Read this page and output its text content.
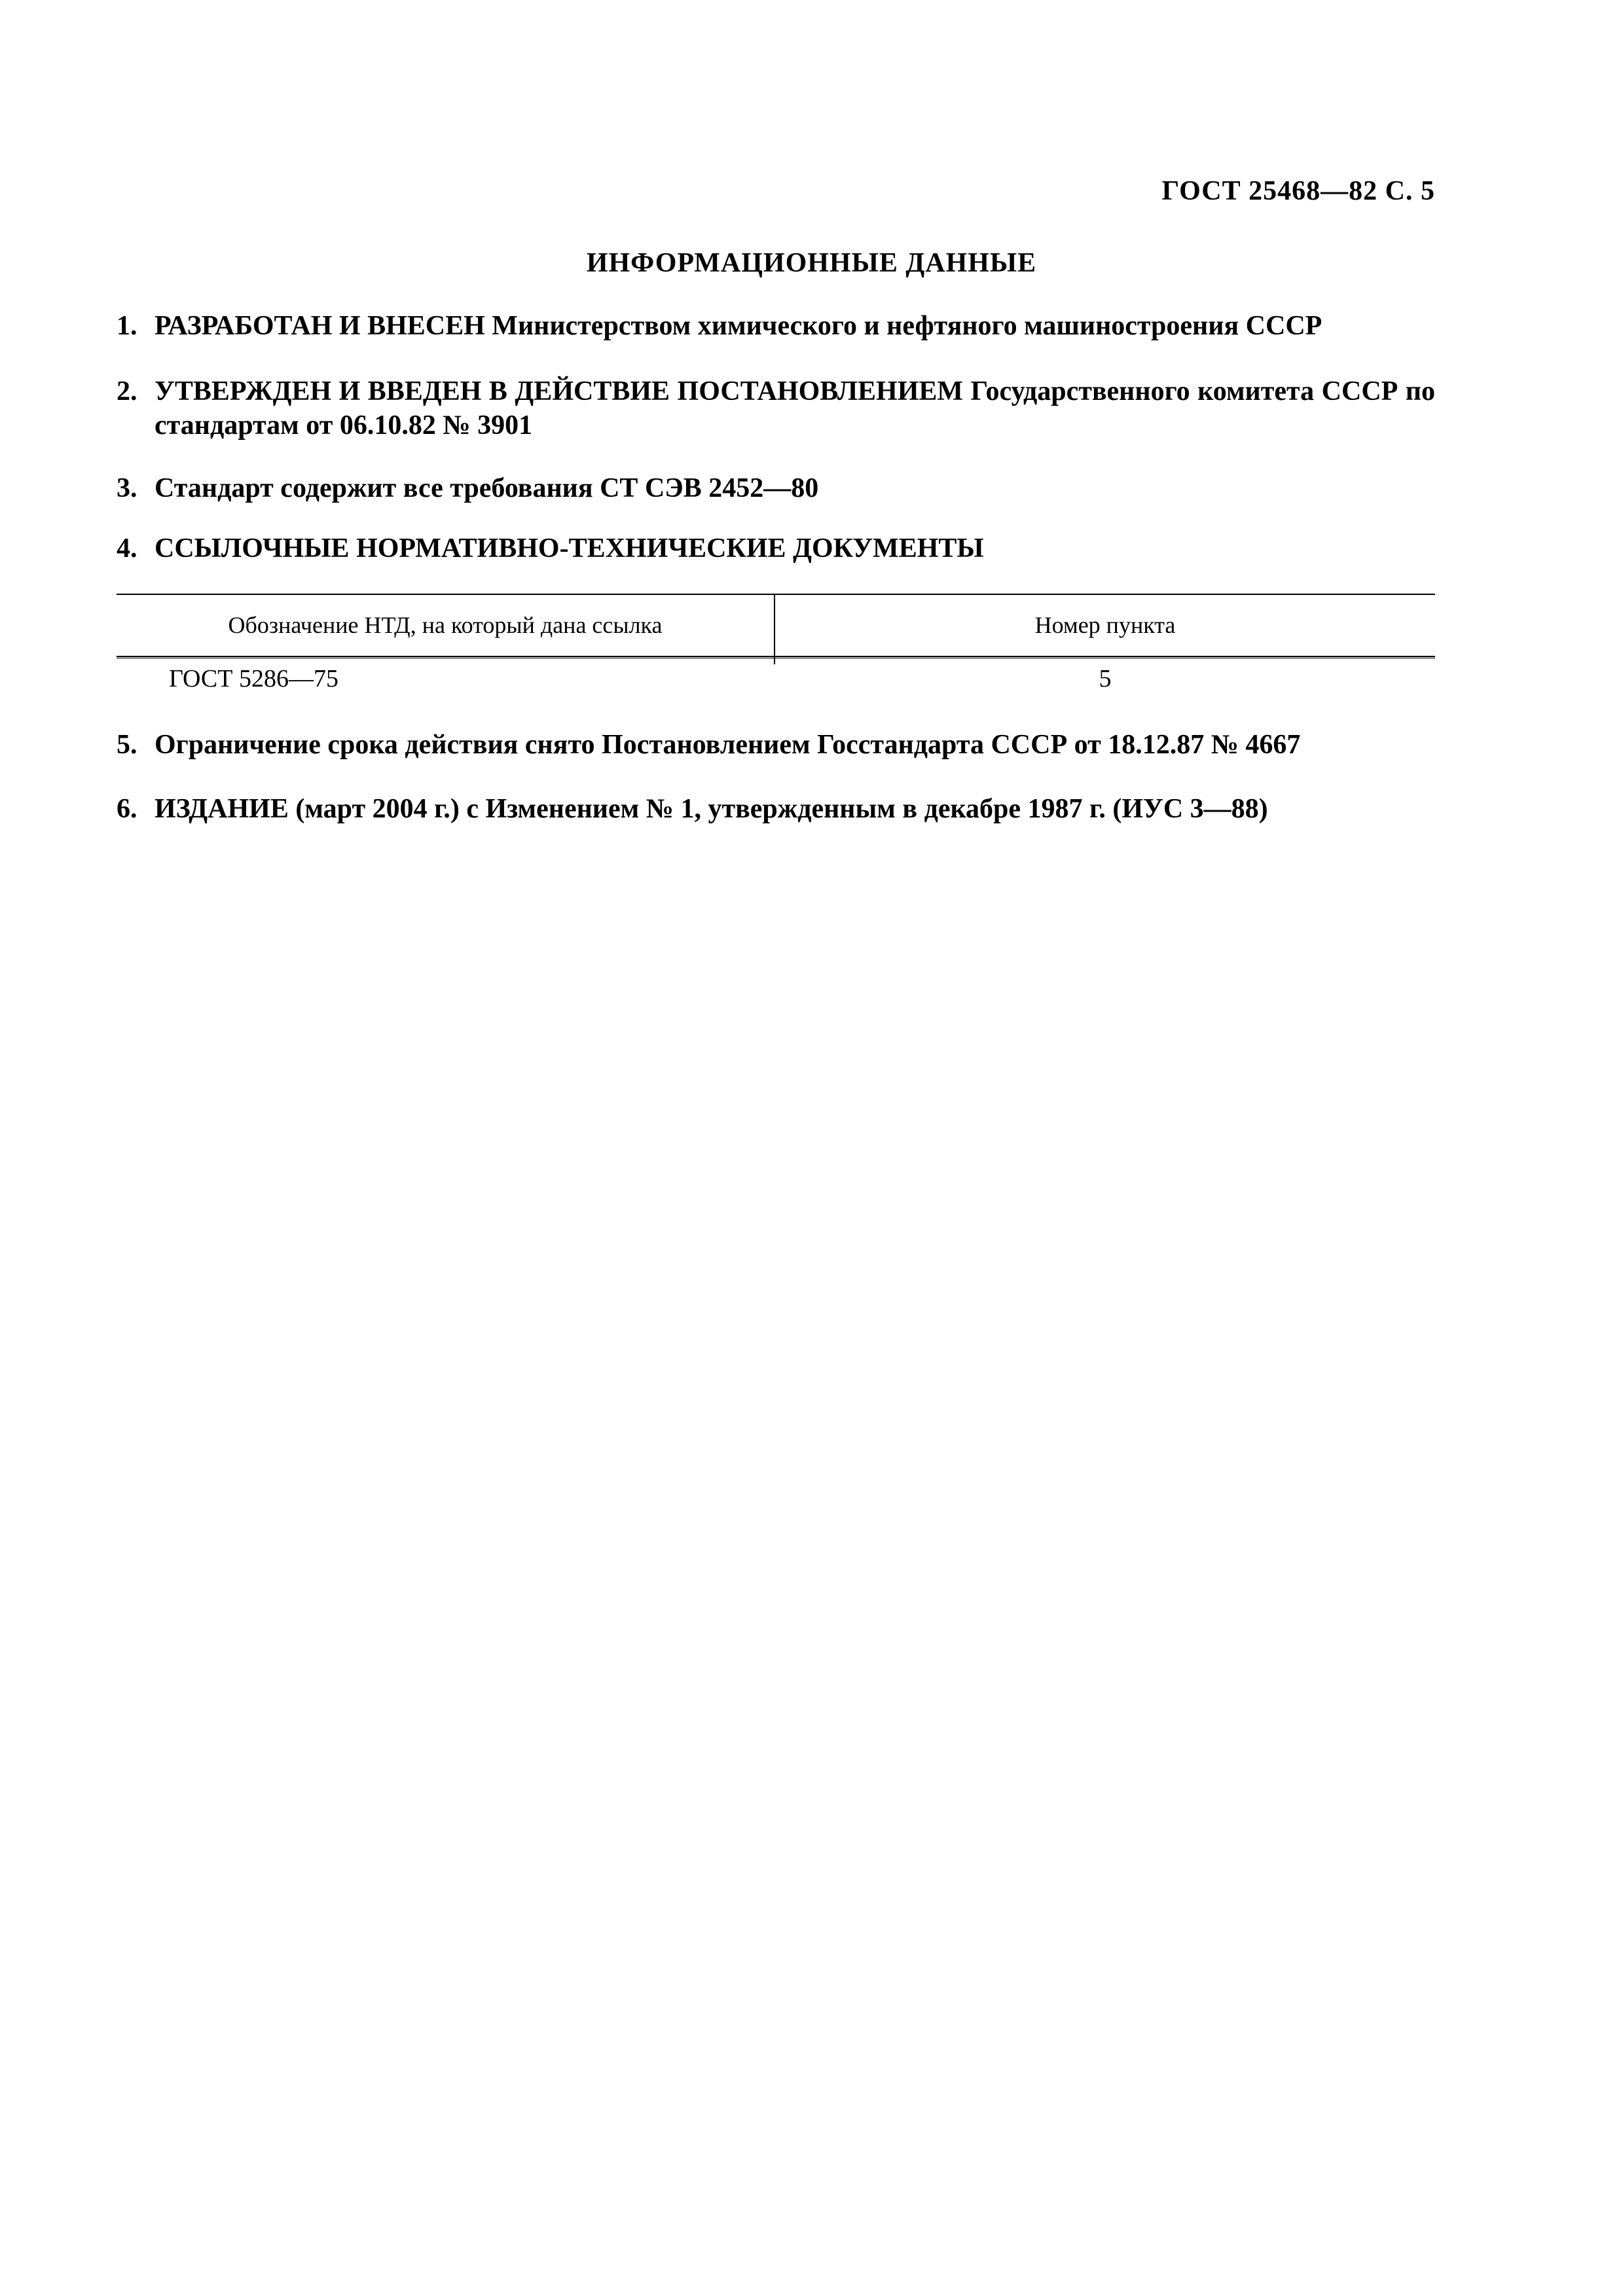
ГОСТ 25468—82 С. 5
ИНФОРМАЦИОННЫЕ ДАННЫЕ
1. РАЗРАБОТАН И ВНЕСЕН Министерством химического и нефтяного машиностроения СССР
2. УТВЕРЖДЕН И ВВЕДЕН В ДЕЙСТВИЕ ПОСТАНОВЛЕНИЕМ Государственного комитета СССР по стандартам от 06.10.82 № 3901
3. Стандарт содержит все требования СТ СЭВ 2452—80
4. ССЫЛОЧНЫЕ НОРМАТИВНО-ТЕХНИЧЕСКИЕ ДОКУМЕНТЫ
Обозначение НТД, на который дана ссылка	Номер пункта
ГОСТ 5286—75	5
5. Ограничение срока действия снято Постановлением Госстандарта СССР от 18.12.87 № 4667
6. ИЗДАНИЕ (март 2004 г.) с Изменением № 1, утвержденным в декабре 1987 г. (ИУС 3—88)
